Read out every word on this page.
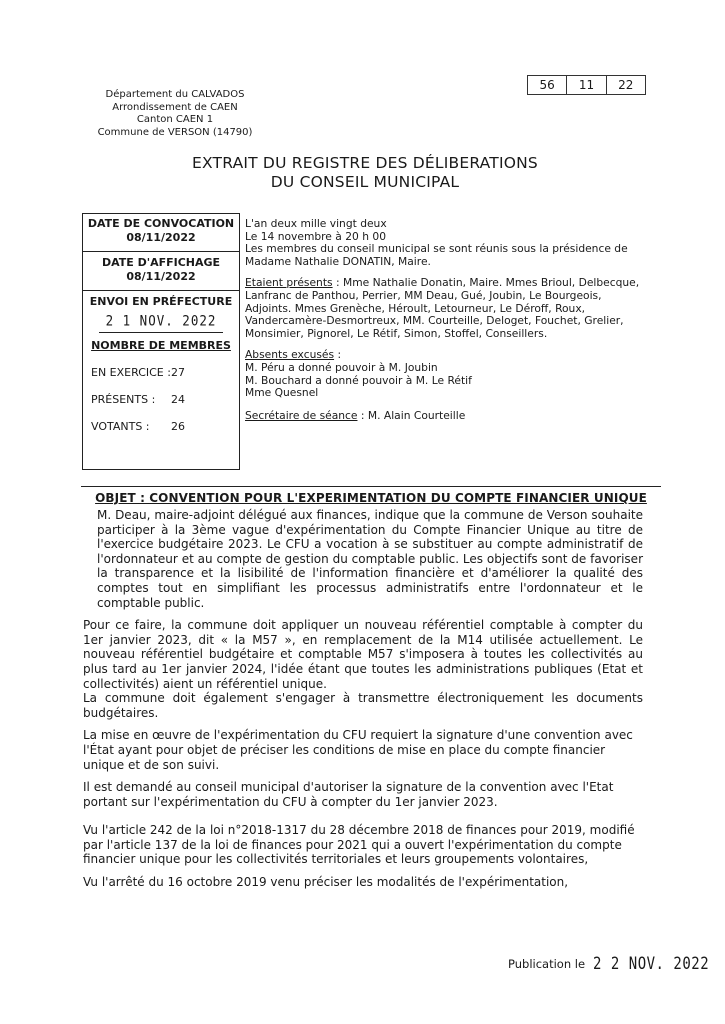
56	11	22
Département du CALVADOS
Arrondissement de CAEN
Canton CAEN 1
Commune de VERSON (14790)
EXTRAIT DU REGISTRE DES DÉLIBERATIONS
DU CONSEIL MUNICIPAL
DATE DE CONVOCATION
08/11/2022
DATE D'AFFICHAGE
08/11/2022
ENVOI EN PRÉFECTURE
2 1 NOV. 2022
NOMBRE DE MEMBRES
EN EXERCICE : 27
PRÉSENTS :	24
VOTANTS :	26

L'an deux mille vingt deux

Le 14 novembre à 20 h 00

Les membres du conseil municipal se sont réunis sous la présidence de Madame Nathalie DONATIN, Maire.

Etaient présents : Mme Nathalie Donatin, Maire. Mmes Brioul, Delbecque, Lanfranc de Panthou, Perrier, MM Deau, Gué, Joubin, Le Bourgeois, Adjoints. Mmes Grenèche, Héroult, Letourneur, Le Déroff, Roux, Vandercamère-Desmortreux, MM. Courteille, Deloget, Fouchet, Grelier, Monsimier, Pignorel, Le Rétif, Simon, Stoffel, Conseillers.

Absents excusés :

M. Péru a donné pouvoir à M. Joubin

M. Bouchard a donné pouvoir à M. Le Rétif

Mme Quesnel

Secrétaire de séance : M. Alain Courteille

OBJET : CONVENTION POUR L'EXPERIMENTATION DU COMPTE FINANCIER UNIQUE

M. Deau, maire-adjoint délégué aux finances, indique que la commune de Verson souhaite participer à la 3ème vague d'expérimentation du Compte Financier Unique au titre de l'exercice budgétaire 2023. Le CFU a vocation à se substituer au compte administratif de l'ordonnateur et au compte de gestion du comptable public. Les objectifs sont de favoriser la transparence et la lisibilité de l'information financière et d'améliorer la qualité des comptes tout en simplifiant les processus administratifs entre l'ordonnateur et le comptable public.

Pour ce faire, la commune doit appliquer un nouveau référentiel comptable à compter du 1er janvier 2023, dit « la M57 », en remplacement de la M14 utilisée actuellement. Le nouveau référentiel budgétaire et comptable M57 s'imposera à toutes les collectivités au plus tard au 1er janvier 2024, l'idée étant que toutes les administrations publiques (Etat et collectivités) aient un référentiel unique.

La commune doit également s'engager à transmettre électroniquement les documents budgétaires.

La mise en œuvre de l'expérimentation du CFU requiert la signature d'une convention avec l'État ayant pour objet de préciser les conditions de mise en place du compte financier unique et de son suivi.

Il est demandé au conseil municipal d'autoriser la signature de la convention avec l'Etat portant sur l'expérimentation du CFU à compter du 1er janvier 2023.

Vu l'article 242 de la loi n°2018-1317 du 28 décembre 2018 de finances pour 2019, modifié par l'article 137 de la loi de finances pour 2021 qui a ouvert l'expérimentation du compte financier unique pour les collectivités territoriales et leurs groupements volontaires,

Vu l'arrêté du 16 octobre 2019 venu préciser les modalités de l'expérimentation,

Publication le 2 2 NOV. 2022
